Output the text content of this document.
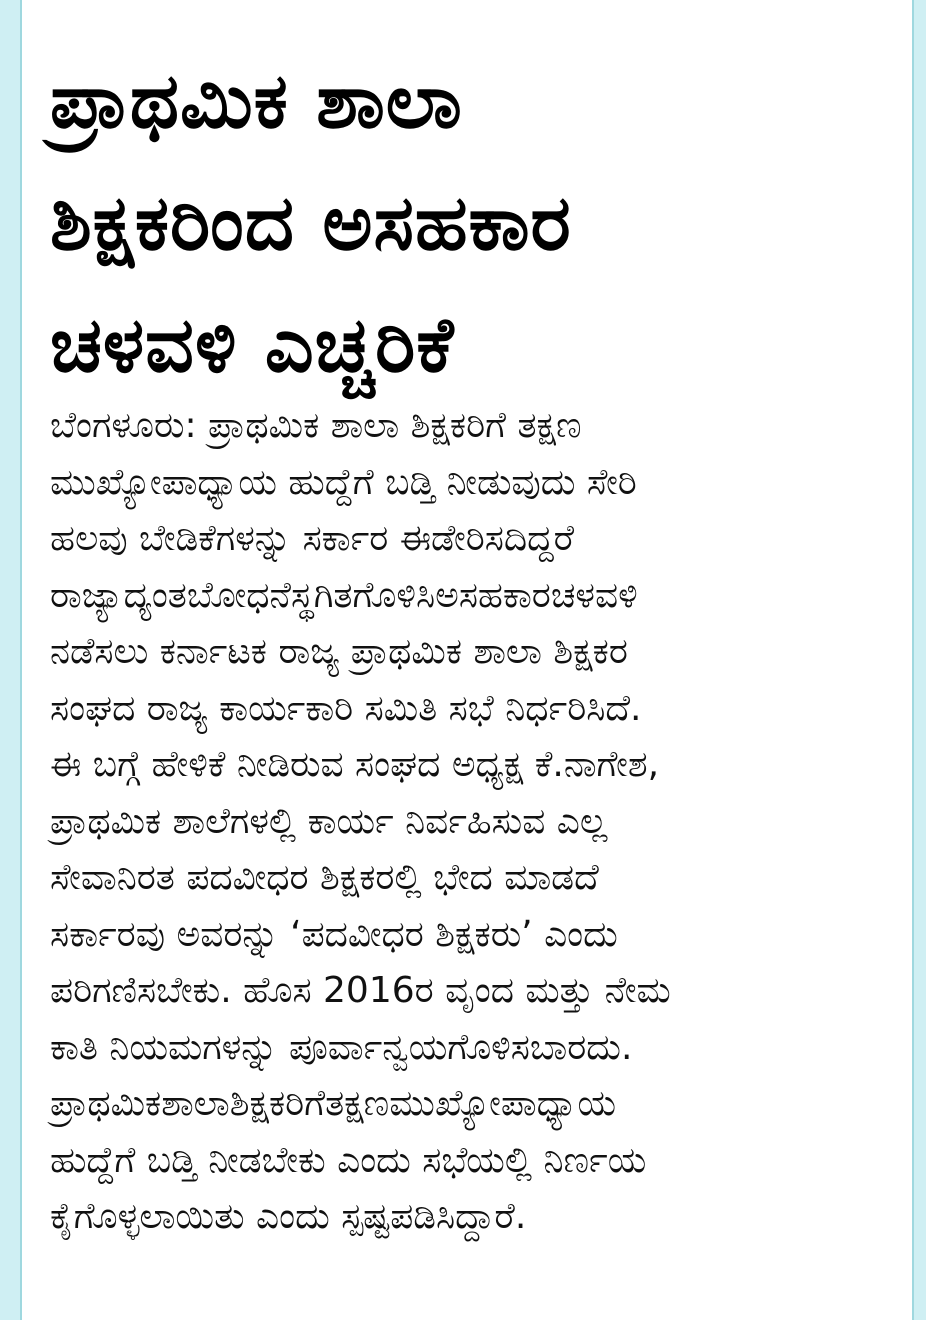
ಪ್ರಾಥಮಿಕ ಶಾಲಾ
ಶಿಕ್ಷಕರಿಂದ ಅಸಹಕಾರ
ಚಳವಳಿ ಎಚ್ಚರಿಕೆ
ಬೆಂಗಳೂರು: ಪ್ರಾಥಮಿಕ ಶಾಲಾ ಶಿಕ್ಷಕರಿಗೆ ತಕ್ಷಣ
ಮುಖ್ಯೋಪಾಧ್ಯಾಯ ಹುದ್ದೆಗೆ ಬಡ್ತಿ ನೀಡುವುದು ಸೇರಿ
ಹಲವು ಬೇಡಿಕೆಗಳನ್ನು ಸರ್ಕಾರ ಈಡೇರಿಸದಿದ್ದರೆ
ರಾಜ್ಯಾದ್ಯಂತಬೋಧನೆಸ್ಥಗಿತಗೊಳಿಸಿಅಸಹಕಾರಚಳವಳಿ
ನಡೆಸಲು ಕರ್ನಾಟಕ ರಾಜ್ಯ ಪ್ರಾಥಮಿಕ ಶಾಲಾ ಶಿಕ್ಷಕರ
ಸಂಘದ ರಾಜ್ಯ ಕಾರ್ಯಕಾರಿ ಸಮಿತಿ ಸಭೆ ನಿರ್ಧರಿಸಿದೆ.
ಈ ಬಗ್ಗೆ ಹೇಳಿಕೆ ನೀಡಿರುವ ಸಂಘದ ಅಧ್ಯಕ್ಷ ಕೆ.ನಾಗೇಶ,
ಪ್ರಾಥಮಿಕ ಶಾಲೆಗಳಲ್ಲಿ ಕಾರ್ಯ ನಿರ್ವಹಿಸುವ ಎಲ್ಲ
ಸೇವಾನಿರತ ಪದವೀಧರ ಶಿಕ್ಷಕರಲ್ಲಿ ಭೇದ ಮಾಡದೆ
ಸರ್ಕಾರವು ಅವರನ್ನು ‘ಪದವೀಧರ ಶಿಕ್ಷಕರು’ ಎಂದು
ಪರಿಗಣಿಸಬೇಕು. ಹೊಸ 2016ರ ವೃಂದ ಮತ್ತು ನೇಮ
ಕಾತಿ ನಿಯಮಗಳನ್ನು ಪೂರ್ವಾನ್ವಯಗೊಳಿಸಬಾರದು.
ಪ್ರಾಥಮಿಕಶಾಲಾಶಿಕ್ಷಕರಿಗೆತಕ್ಷಣಮುಖ್ಯೋಪಾಧ್ಯಾಯ
ಹುದ್ದೆಗೆ ಬಡ್ತಿ ನೀಡಬೇಕು ಎಂದು ಸಭೆಯಲ್ಲಿ ನಿರ್ಣಯ
ಕೈಗೊಳ್ಳಲಾಯಿತು ಎಂದು ಸ್ಪಷ್ಟಪಡಿಸಿದ್ದಾರೆ.
